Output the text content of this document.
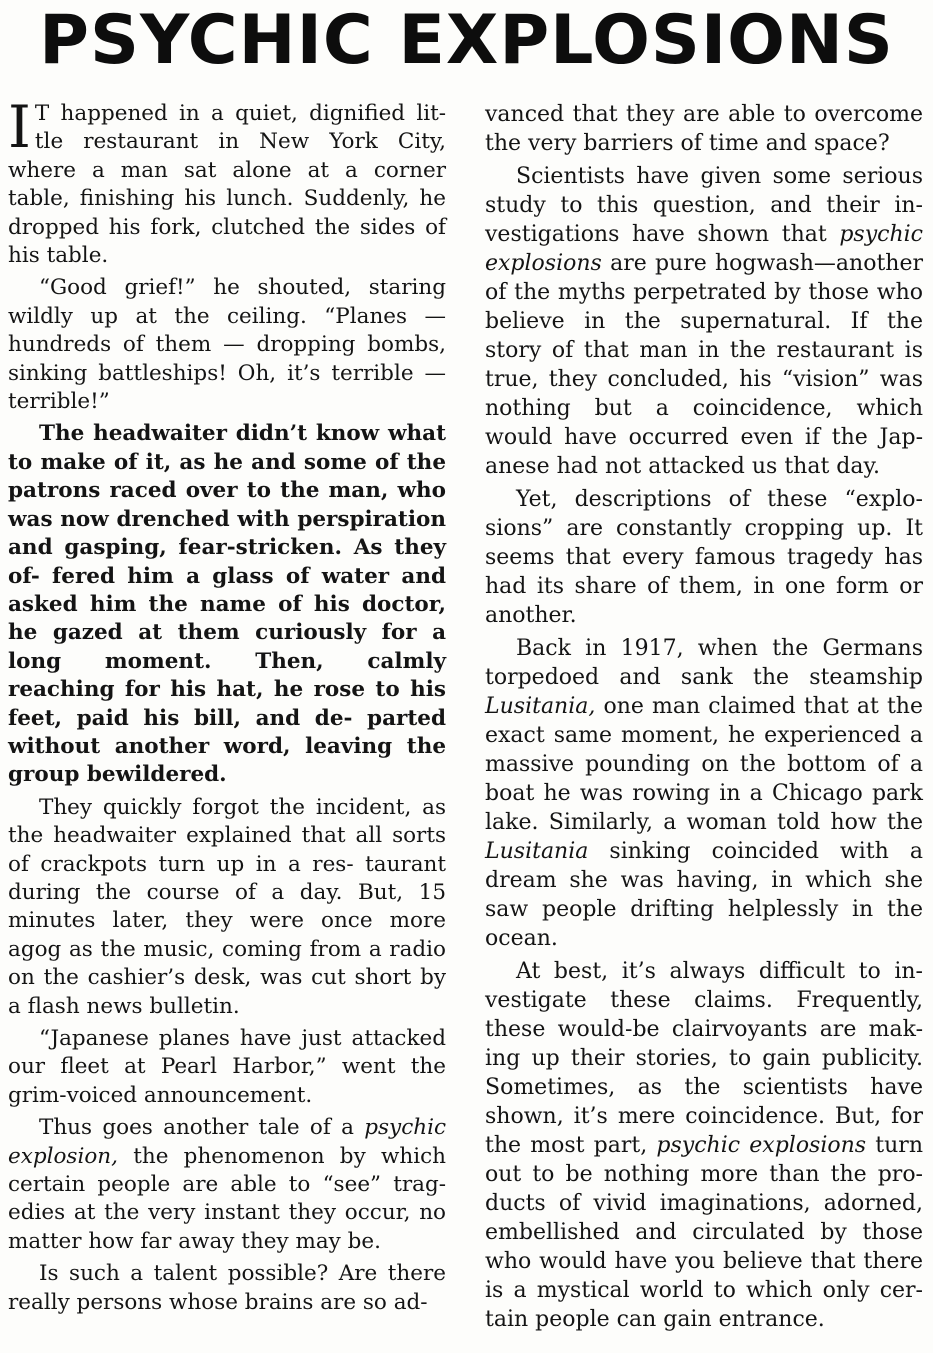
PSYCHIC EXPLOSIONS

I T happened in a quiet, dignified lit- tle restaurant in New York City, where a man sat alone at a corner table, finishing his lunch. Suddenly, he dropped his fork, clutched the sides of his table.

“Good grief!” he shouted, staring wildly up at the ceiling. “Planes — hundreds of them — dropping bombs, sinking battleships! Oh, it’s terrible —terrible!”

The headwaiter didn’t know what to make of it, as he and some of the patrons raced over to the man, who was now drenched with perspiration and gasping, fear-stricken. As they of- fered him a glass of water and asked him the name of his doctor, he gazed at them curiously for a long moment. Then, calmly reaching for his hat, he rose to his feet, paid his bill, and de- parted without another word, leaving the group bewildered.

They quickly forgot the incident, as the headwaiter explained that all sorts of crackpots turn up in a res- taurant during the course of a day. But, 15 minutes later, they were once more agog as the music, coming from a radio on the cashier’s desk, was cut short by a flash news bulletin.

“Japanese planes have just attacked our fleet at Pearl Harbor,” went the grim-voiced announcement.

Thus goes another tale of a psychic explosion, the phenomenon by which certain people are able to “see” trag- edies at the very instant they occur, no matter how far away they may be.

Is such a talent possible? Are there really persons whose brains are so ad-

vanced that they are able to overcome the very barriers of time and space?

Scientists have given some serious study to this question, and their in- vestigations have shown that psychic explosions are pure hogwash—another of the myths perpetrated by those who believe in the supernatural. If the story of that man in the restaurant is true, they concluded, his “vision” was nothing but a coincidence, which would have occurred even if the Jap- anese had not attacked us that day.

Yet, descriptions of these “explo- sions” are constantly cropping up. It seems that every famous tragedy has had its share of them, in one form or another.

Back in 1917, when the Germans torpedoed and sank the steamship Lusitania, one man claimed that at the exact same moment, he experienced a massive pounding on the bottom of a boat he was rowing in a Chicago park lake. Similarly, a woman told how the Lusitania sinking coincided with a dream she was having, in which she saw people drifting helplessly in the ocean.

At best, it’s always difficult to in- vestigate these claims. Frequently, these would-be clairvoyants are mak- ing up their stories, to gain publicity. Sometimes, as the scientists have shown, it’s mere coincidence. But, for the most part, psychic explosions turn out to be nothing more than the pro- ducts of vivid imaginations, adorned, embellished and circulated by those who would have you believe that there is a mystical world to which only cer- tain people can gain entrance.
